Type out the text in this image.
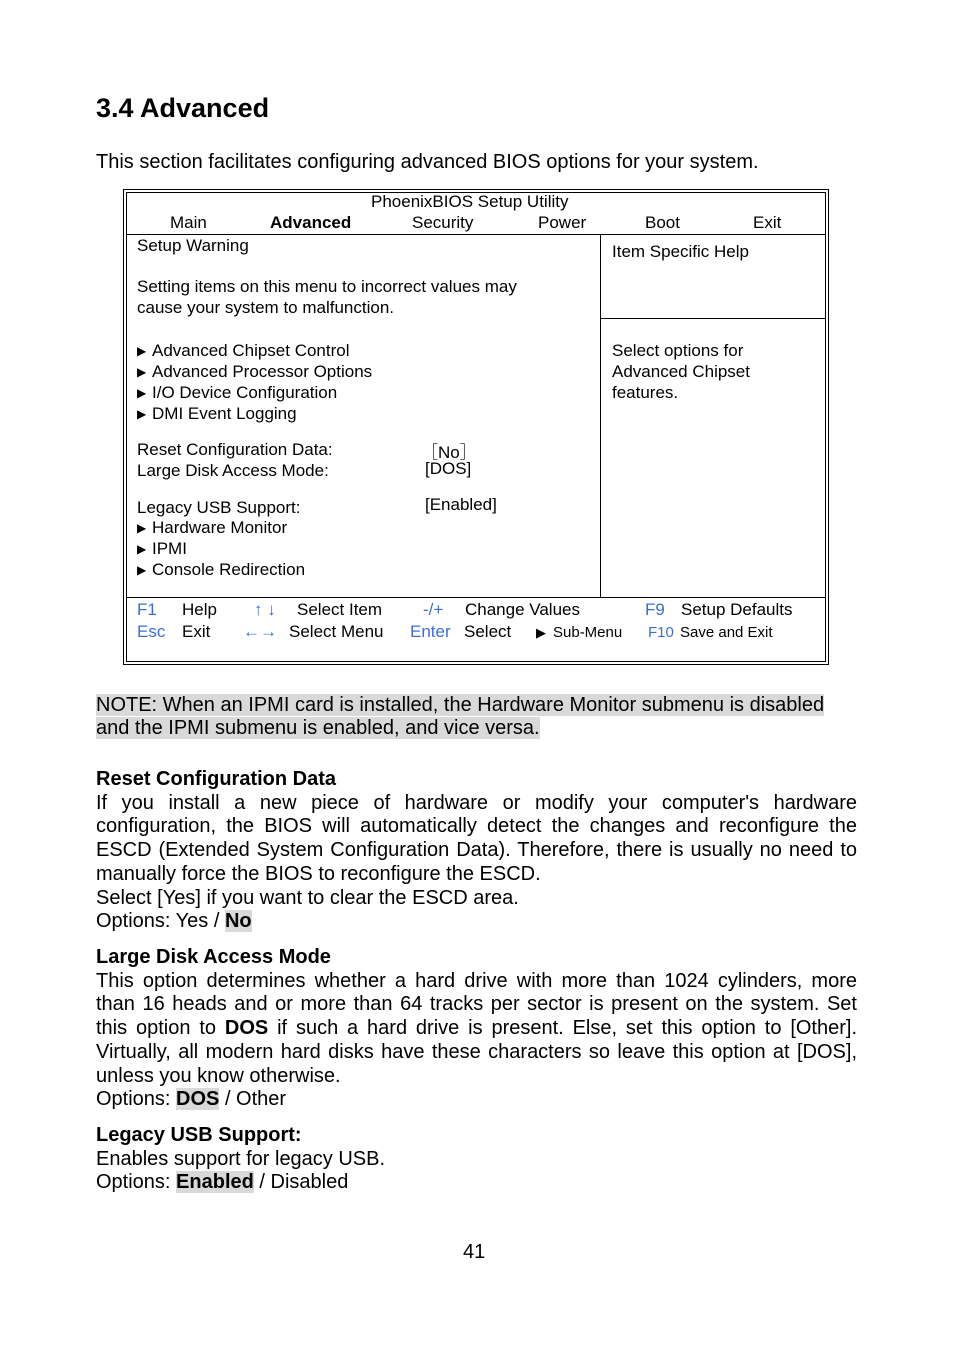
3.4 Advanced
This section facilitates configuring advanced BIOS options for your system.
PhoenixBIOS Setup Utility
Main	Advanced	Security	Power	Boot	Exit
Setup Warning
Setting items on this menu to incorrect values may
cause your system to malfunction.
▶ Advanced Chipset Control
▶ Advanced Processor Options
▶ I/O Device Configuration
▶ DMI Event Logging
Reset Configuration Data:	［No］
Large Disk Access Mode:	[DOS]
Legacy USB Support:	[Enabled]
▶ Hardware Monitor
▶ IPMI
▶ Console Redirection
Item Specific Help
Select options for
Advanced Chipset
features.
F1 Help ↑ ↓ Select Item -/+ Change Values	F9 Setup Defaults
Esc Exit ←→ Select Menu Enter Select ▶ Sub-Menu F10 Save and Exit
NOTE: When an IPMI card is installed, the Hardware Monitor submenu is disabled
and the IPMI submenu is enabled, and vice versa.
Reset Configuration Data
If you install a new piece of hardware or modify your computer's hardware configuration, the BIOS will automatically detect the changes and reconfigure the ESCD (Extended System Configuration Data). Therefore, there is usually no need to manually force the BIOS to reconfigure the ESCD.
Select [Yes] if you want to clear the ESCD area.
Options: Yes / No
Large Disk Access Mode
This option determines whether a hard drive with more than 1024 cylinders, more than 16 heads and or more than 64 tracks per sector is present on the system. Set this option to DOS if such a hard drive is present. Else, set this option to [Other]. Virtually, all modern hard disks have these characters so leave this option at [DOS], unless you know otherwise.
Options: DOS / Other
Legacy USB Support:
Enables support for legacy USB.
Options: Enabled / Disabled
41
